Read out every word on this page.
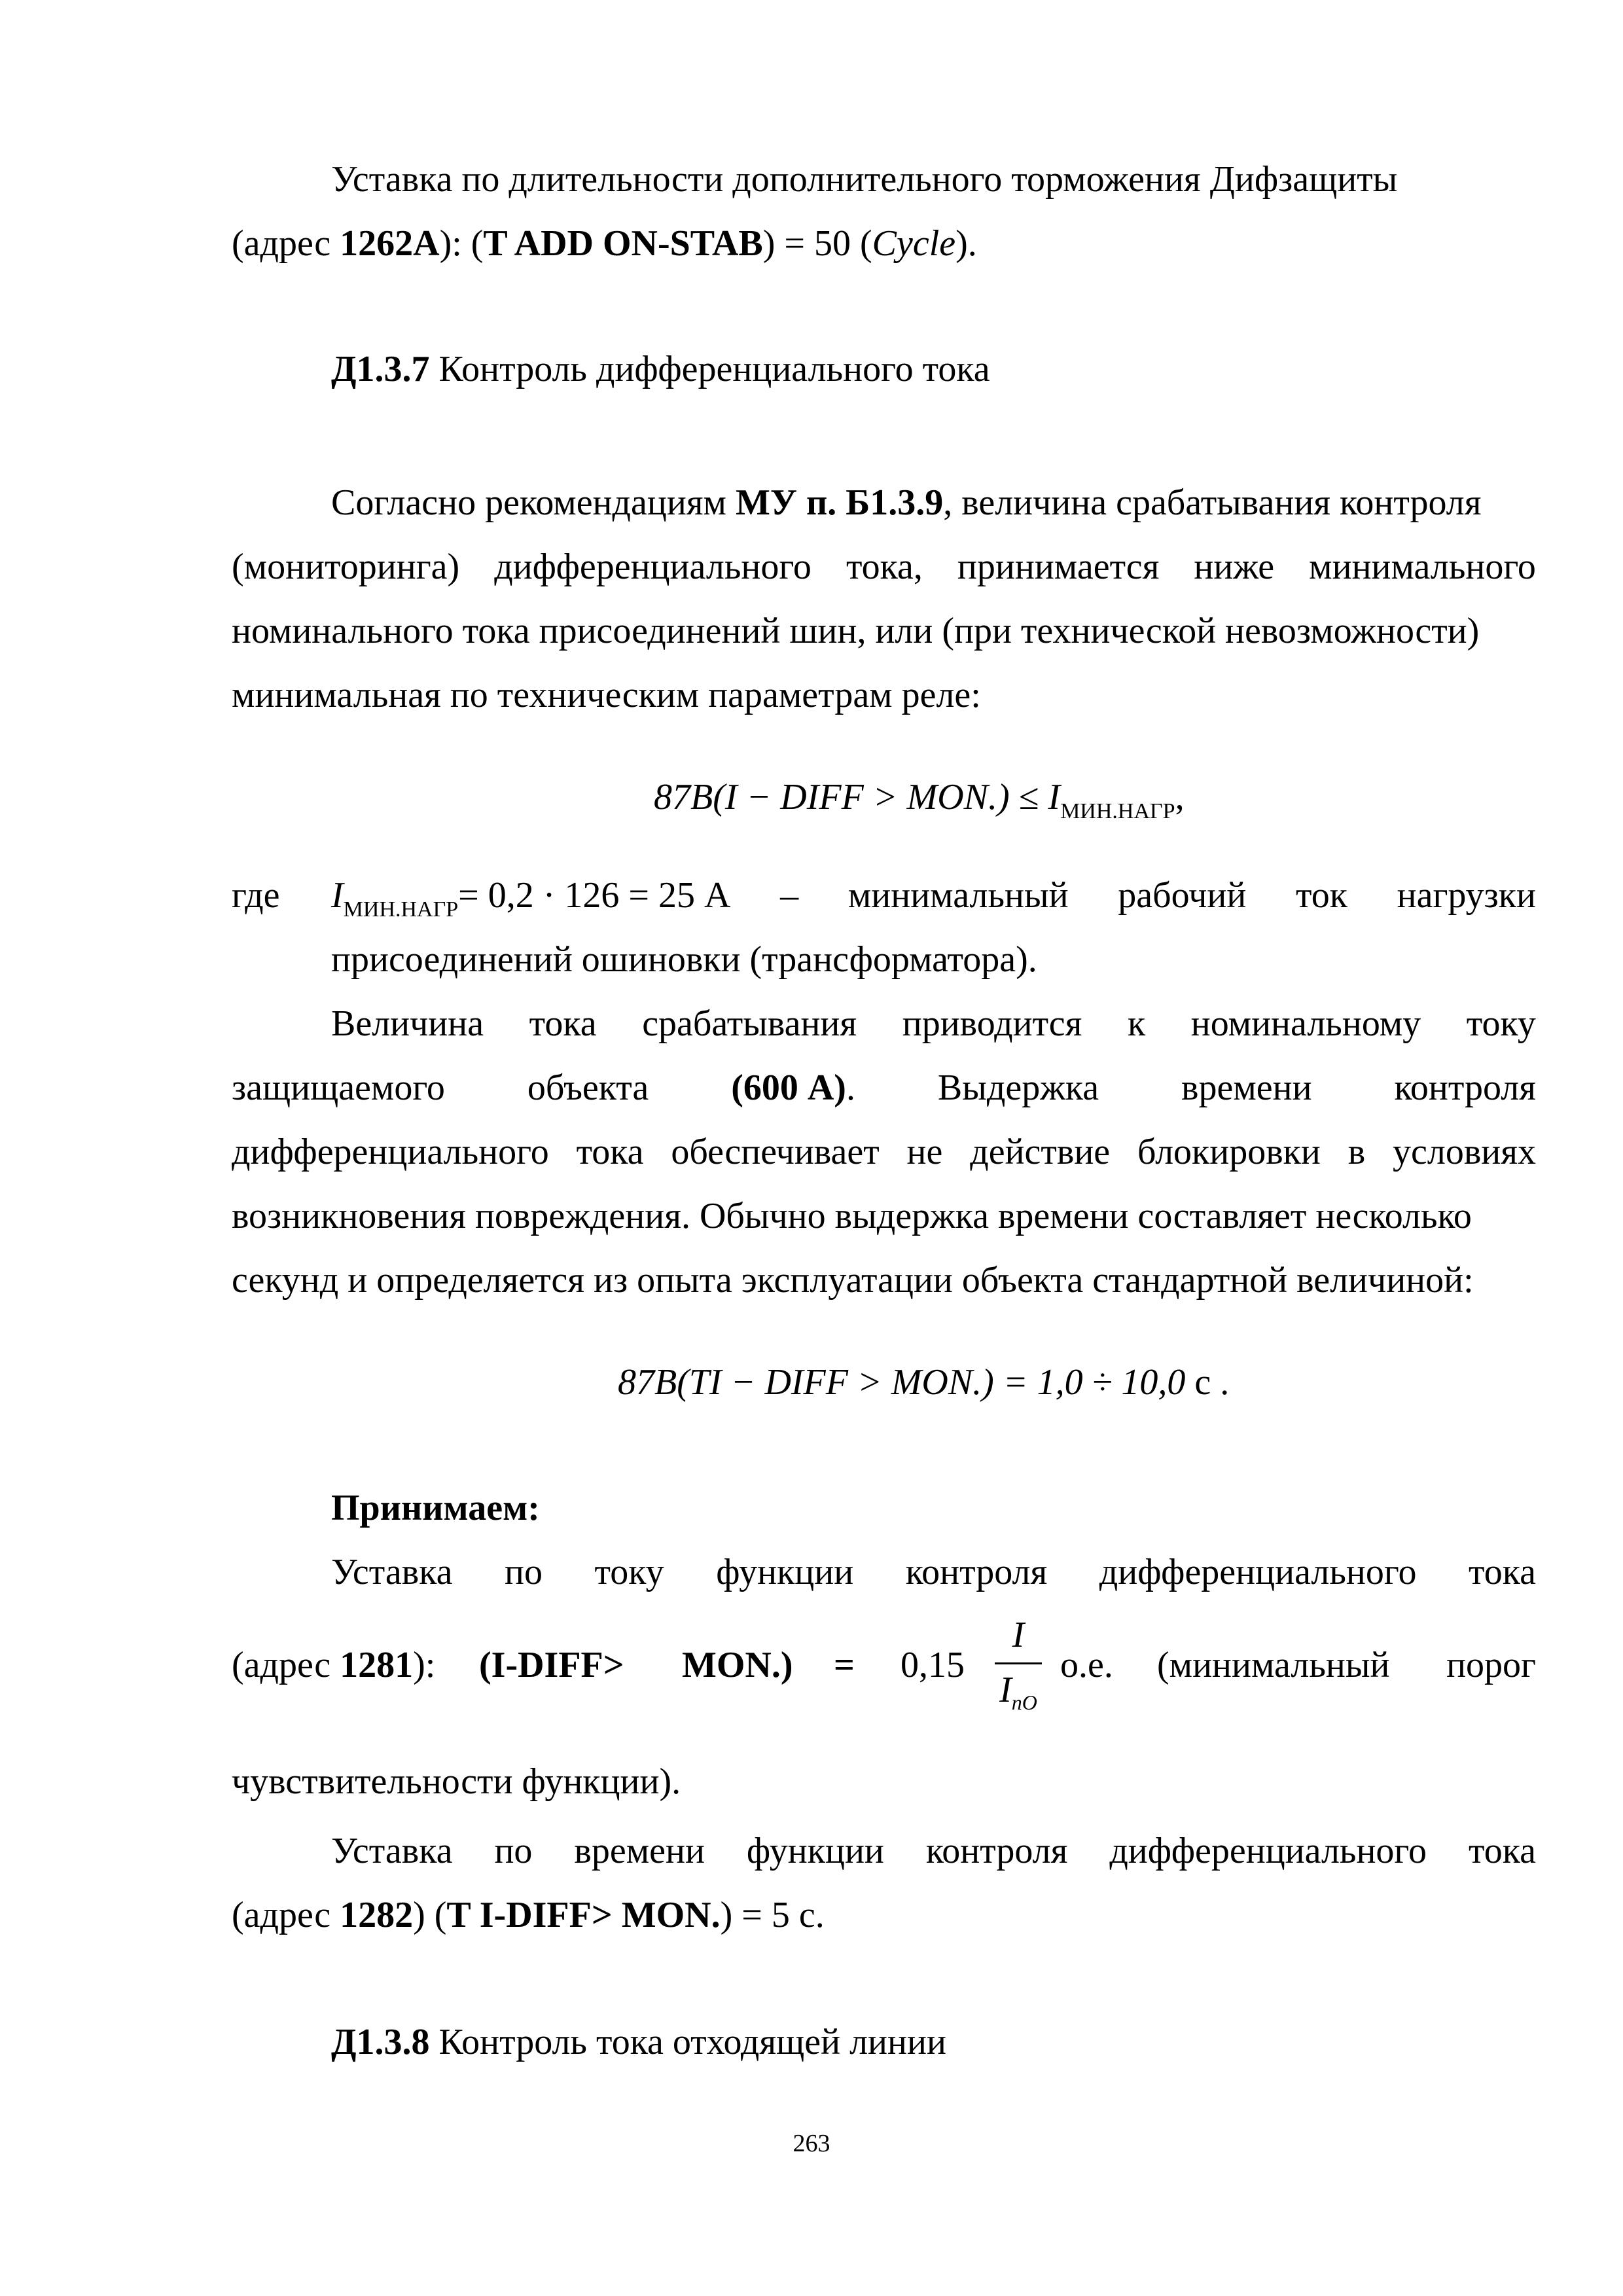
Уставка по длительности дополнительного торможения Дифзащиты
(адрес 1262A): (T ADD ON-STAB) = 50 (Cycle).
Д1.3.7 Контроль дифференциального тока
Согласно рекомендациям МУ п. Б1.3.9, величина срабатывания контроля
(мониторинга) дифференциального тока, принимается ниже минимального
номинального тока присоединений шин, или (при технической невозможности)
минимальная по техническим параметрам реле:
87B(I − DIFF > $MON.) \le I_{МИН.НАГР}$,
где	IМИН.НАГР= 0,2 · 126 = 25 А – минимальный рабочий ток нагрузки
присоединений ошиновки (трансформатора).
Величина тока срабатывания приводится к номинальному току
защищаемого объекта (600 А). Выдержка времени контроля
дифференциального тока обеспечивает не действие блокировки в условиях
возникновения повреждения. Обычно выдержка времени составляет несколько
секунд и определяется из опыта эксплуатации объекта стандартной величиной:
87B(TI − DIFF > MON.) = 1,0 ÷ 10,0 с .
Принимаем:
Уставка по току функции контроля дифференциального тока
(адрес 1281): (I-DIFF>	MON.)	=	0,15
I
$I_{nO}$
о.е.	(минимальный	порог
чувствительности функции).
Уставка по времени функции контроля дифференциального тока
(адрес 1282) (T I-DIFF> MON.) = 5 с.
Д1.3.8 Контроль тока отходящей линии
263
